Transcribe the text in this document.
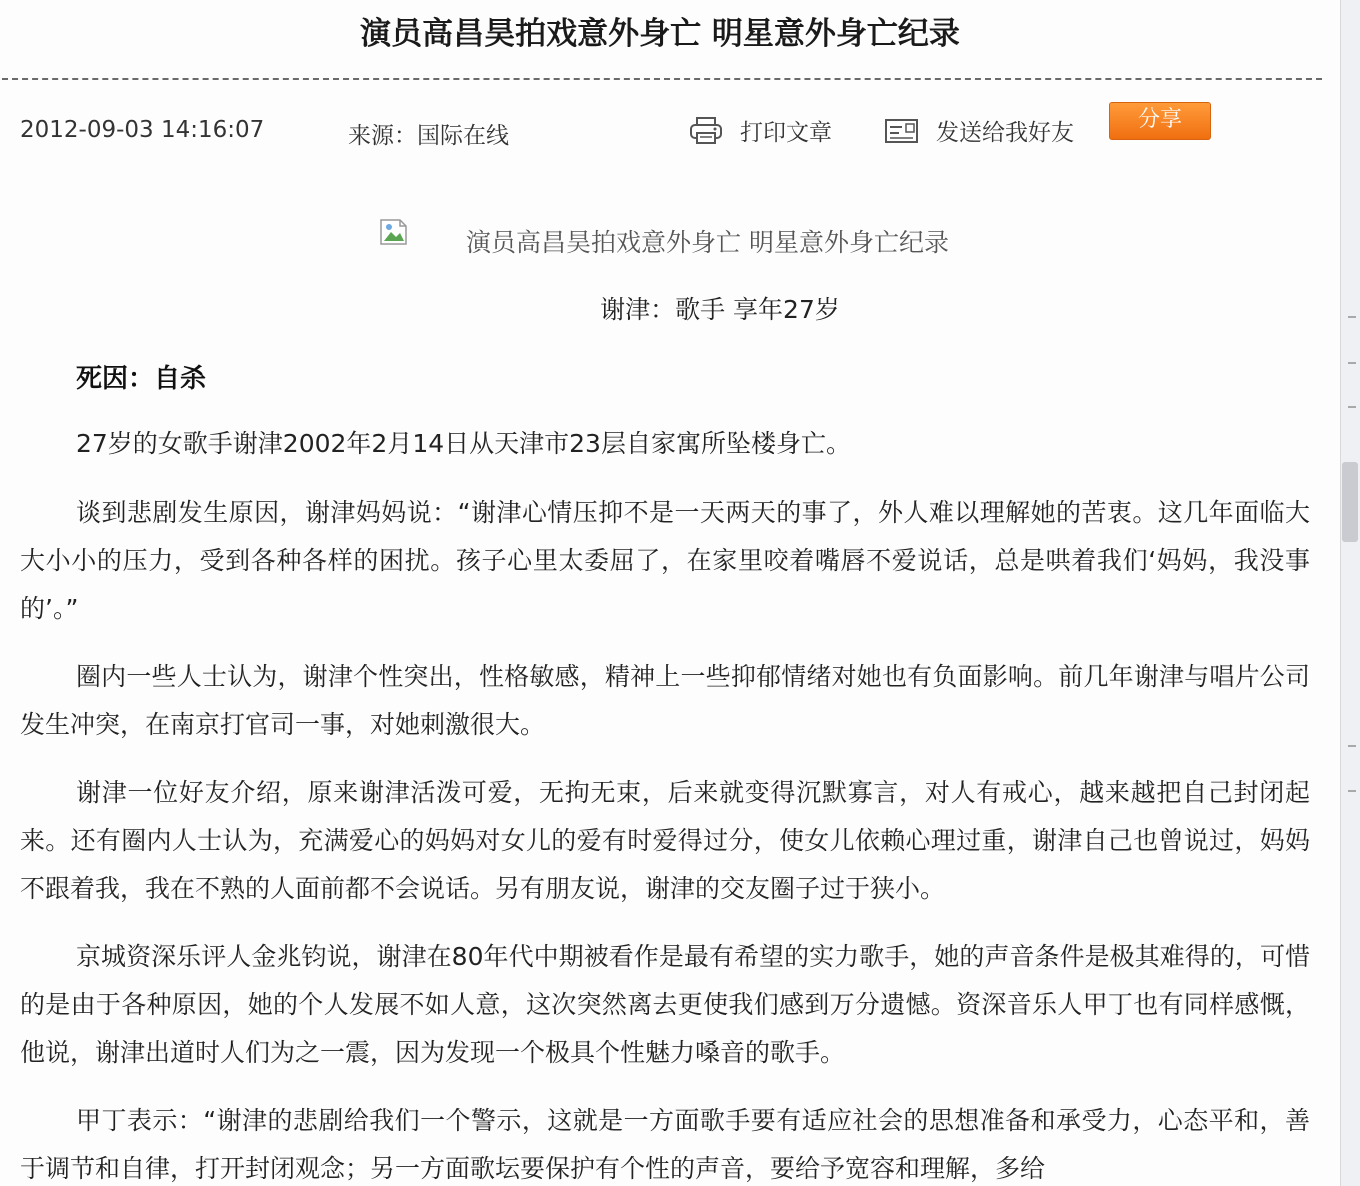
演员高昌昊拍戏意外身亡 明星意外身亡纪录
2012-09-03 14:16:07	来源：国际在线	打印文章	发送给我好友
分享
演员高昌昊拍戏意外身亡 明星意外身亡纪录
谢津：歌手 享年27岁
死因：自杀

27岁的女歌手谢津2002年2月14日从天津市23层自家寓所坠楼身亡。

谈到悲剧发生原因，谢津妈妈说：“谢津心情压抑不是一天两天的事了，外人难以理解她的苦衷。这几年面临大大小小的压力，受到各种各样的困扰。孩子心里太委屈了，在家里咬着嘴唇不爱说话，总是哄着我们‘妈妈，我没事的’。”

圈内一些人士认为，谢津个性突出，性格敏感，精神上一些抑郁情绪对她也有负面影响。前几年谢津与唱片公司发生冲突，在南京打官司一事，对她刺激很大。

谢津一位好友介绍，原来谢津活泼可爱，无拘无束，后来就变得沉默寡言，对人有戒心，越来越把自己封闭起来。还有圈内人士认为，充满爱心的妈妈对女儿的爱有时爱得过分，使女儿依赖心理过重，谢津自己也曾说过，妈妈不跟着我，我在不熟的人面前都不会说话。另有朋友说，谢津的交友圈子过于狭小。

京城资深乐评人金兆钧说，谢津在80年代中期被看作是最有希望的实力歌手，她的声音条件是极其难得的，可惜的是由于各种原因，她的个人发展不如人意，这次突然离去更使我们感到万分遗憾。资深音乐人甲丁也有同样感慨，他说，谢津出道时人们为之一震，因为发现一个极具个性魅力嗓音的歌手。

甲丁表示：“谢津的悲剧给我们一个警示，这就是一方面歌手要有适应社会的思想准备和承受力，心态平和，善于调节和自律，打开封闭观念；另一方面歌坛要保护有个性的声音，要给予宽容和理解，多给
